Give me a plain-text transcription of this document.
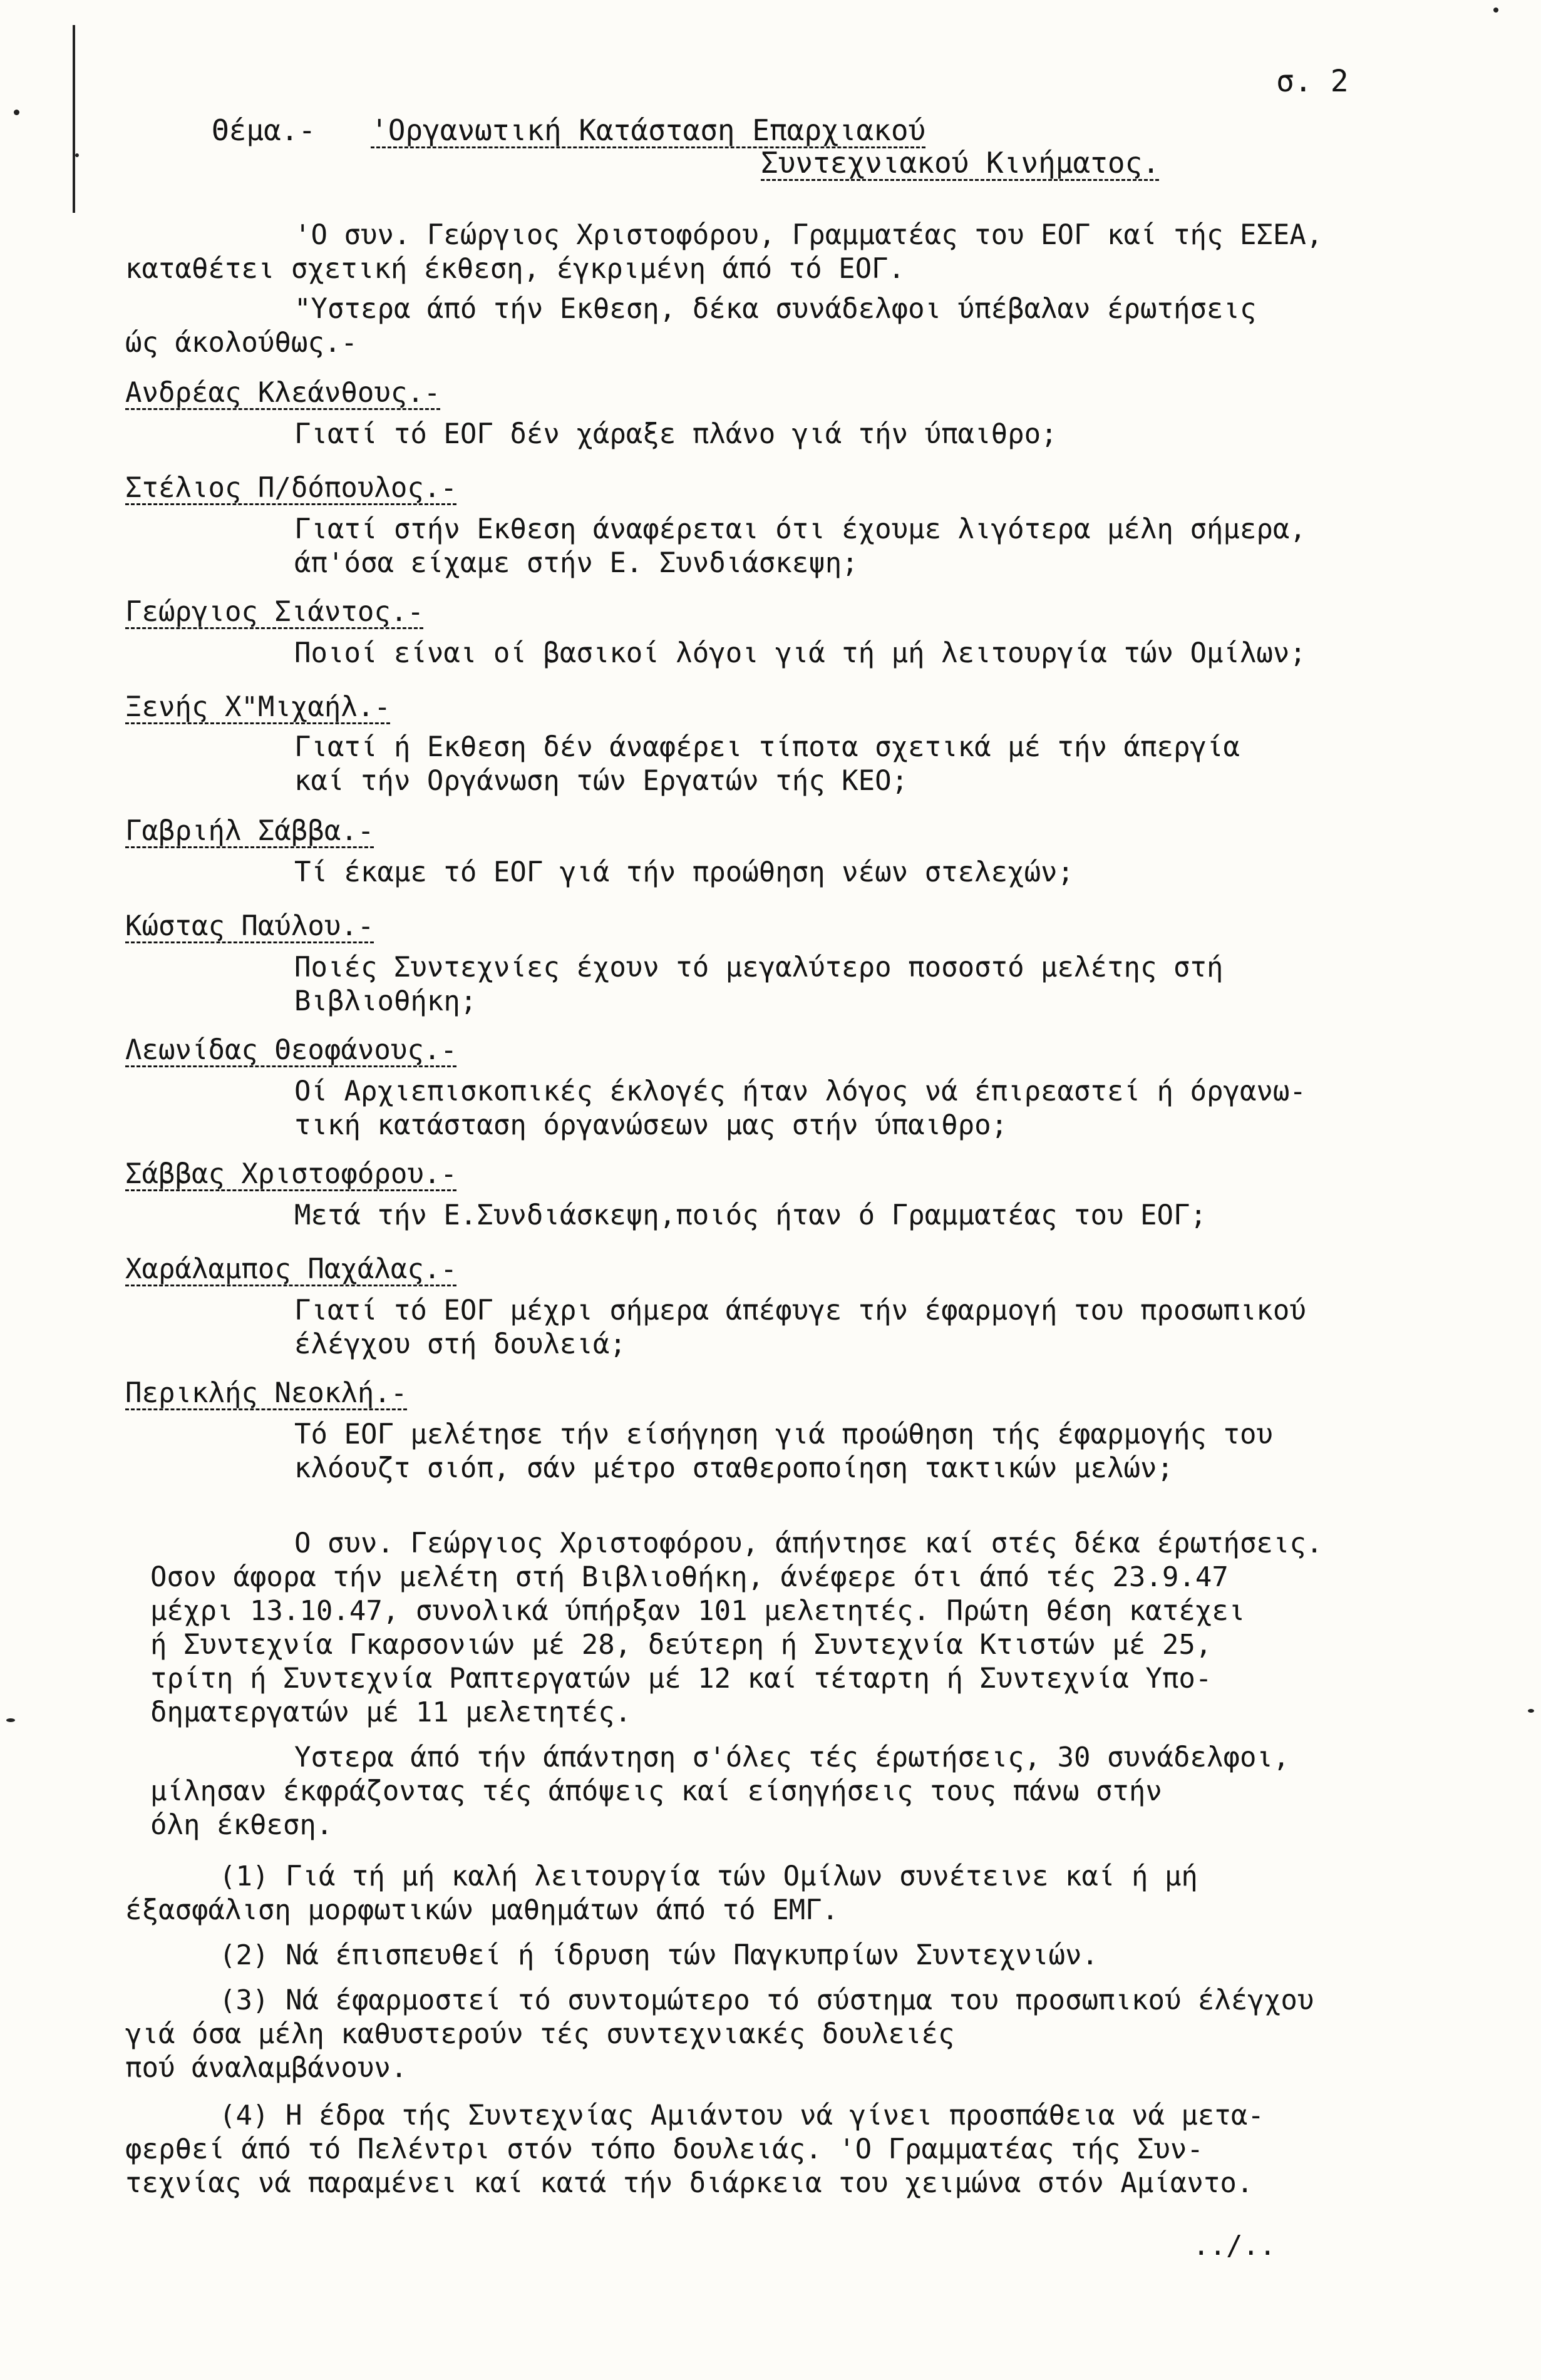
σ. 2

Θέμα.- 'Οργανωτική Κατάσταση Επαρχιακού

Συντεχνιακού Κινήματος.

'Ο συν. Γεώργιος Χριστοφόρου, Γραμματέας του ΕΟΓ καί τής ΕΣΕΑ,

καταθέτει σχετική έκθεση, έγκριμένη άπό τό ΕΟΓ.

"Υστερα άπό τήν Εκθεση, δέκα συνάδελφοι ύπέβαλαν έρωτήσεις

ώς άκολούθως.-

Ανδρέας Κλεάνθους.-

Γιατί τό ΕΟΓ δέν χάραξε πλάνο γιά τήν ύπαιθρο;

Στέλιος Π/δόπουλος.-

Γιατί στήν Εκθεση άναφέρεται ότι έχουμε λιγότερα μέλη σήμερα,

άπ'όσα είχαμε στήν Ε. Συνδιάσκεψη;

Γεώργιος Σιάντος.-

Ποιοί είναι οί βασικοί λόγοι γιά τή μή λειτουργία τών Ομίλων;

Ξενής Χ"Μιχαήλ.-

Γιατί ή Εκθεση δέν άναφέρει τίποτα σχετικά μέ τήν άπεργία

καί τήν Οργάνωση τών Εργατών τής ΚΕΟ;

Γαβριήλ Σάββα.-

Τί έκαμε τό ΕΟΓ γιά τήν προώθηση νέων στελεχών;

Κώστας Παύλου.-

Ποιές Συντεχνίες έχουν τό μεγαλύτερο ποσοστό μελέτης στή

Βιβλιοθήκη;

Λεωνίδας Θεοφάνους.-

Οί Αρχιεπισκοπικές έκλογές ήταν λόγος νά έπιρεαστεί ή όργανω-

τική κατάσταση όργανώσεων μας στήν ύπαιθρο;

Σάββας Χριστοφόρου.-

Μετά τήν Ε.Συνδιάσκεψη,ποιός ήταν ό Γραμματέας του ΕΟΓ;

Χαράλαμπος Παχάλας.-

Γιατί τό ΕΟΓ μέχρι σήμερα άπέφυγε τήν έφαρμογή του προσωπικού

έλέγχου στή δουλειά;

Περικλής Νεοκλή.-

Τό ΕΟΓ μελέτησε τήν είσήγηση γιά προώθηση τής έφαρμογής του

κλόουζτ σιόπ, σάν μέτρο σταθεροποίηση τακτικών μελών;

Ο συν. Γεώργιος Χριστοφόρου, άπήντησε καί στές δέκα έρωτήσεις.

Οσον άφορα τήν μελέτη στή Βιβλιοθήκη, άνέφερε ότι άπό τές 23.9.47

μέχρι 13.10.47, συνολικά ύπήρξαν 101 μελετητές. Πρώτη θέση κατέχει

ή Συντεχνία Γκαρσονιών μέ 28, δεύτερη ή Συντεχνία Κτιστών μέ 25,

τρίτη ή Συντεχνία Ραπτεργατών μέ 12 καί τέταρτη ή Συντεχνία Υπο-

δηματεργατών μέ 11 μελετητές.

Υστερα άπό τήν άπάντηση σ'όλες τές έρωτήσεις, 30 συνάδελφοι,

μίλησαν έκφράζοντας τές άπόψεις καί είσηγήσεις τους πάνω στήν

όλη έκθεση.

(1) Γιά τή μή καλή λειτουργία τών Ομίλων συνέτεινε καί ή μή

έξασφάλιση μορφωτικών μαθημάτων άπό τό ΕΜΓ.

(2) Νά έπισπευθεί ή ίδρυση τών Παγκυπρίων Συντεχνιών.

(3) Νά έφαρμοστεί τό συντομώτερο τό σύστημα του προσωπικού έλέγχου

γιά όσα μέλη καθυστερούν τές συντεχνιακές δουλειές

πού άναλαμβάνουν.

(4) Η έδρα τής Συντεχνίας Αμιάντου νά γίνει προσπάθεια νά μετα-

φερθεί άπό τό Πελέντρι στόν τόπο δουλειάς. 'Ο Γραμματέας τής Συν-

τεχνίας νά παραμένει καί κατά τήν διάρκεια του χειμώνα στόν Αμίαντο.

../..
